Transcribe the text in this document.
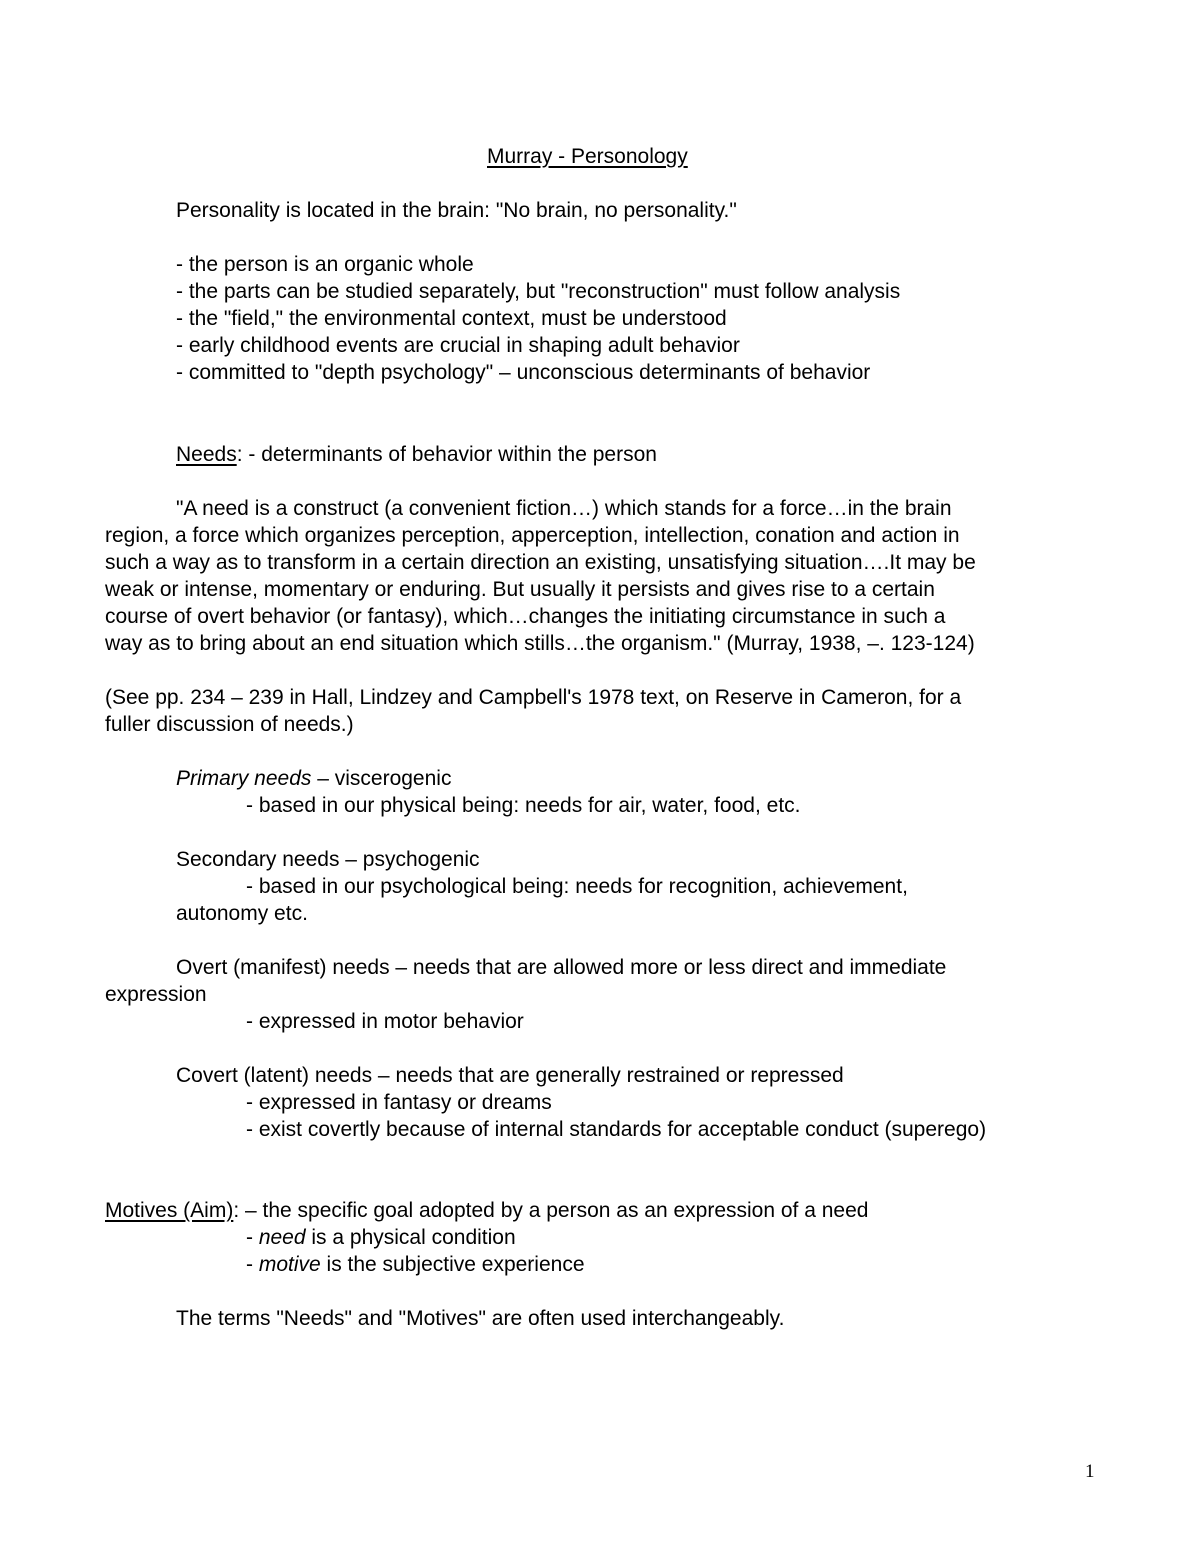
Murray - Personology
Personality is located in the brain: "No brain, no personality."
- the person is an organic whole
- the parts can be studied separately, but "reconstruction" must follow analysis
- the "field," the environmental context, must be understood
- early childhood events are crucial in shaping adult behavior
- committed to "depth psychology" – unconscious determinants of behavior
Needs: - determinants of behavior within the person
"A need is a construct (a convenient fiction…) which stands for a force…in the brain
region, a force which organizes perception, apperception, intellection, conation and action in
such a way as to transform in a certain direction an existing, unsatisfying situation….It may be
weak or intense, momentary or enduring. But usually it persists and gives rise to a certain
course of overt behavior (or fantasy), which…changes the initiating circumstance in such a
way as to bring about an end situation which stills…the organism." (Murray, 1938, –. 123-124)
(See pp. 234 – 239 in Hall, Lindzey and Campbell's 1978 text, on Reserve in Cameron, for a
fuller discussion of needs.)
Primary needs – viscerogenic
- based in our physical being: needs for air, water, food, etc.
Secondary needs – psychogenic
- based in our psychological being: needs for recognition, achievement,
autonomy etc.
Overt (manifest) needs – needs that are allowed more or less direct and immediate
expression
- expressed in motor behavior
Covert (latent) needs – needs that are generally restrained or repressed
- expressed in fantasy or dreams
- exist covertly because of internal standards for acceptable conduct (superego)
Motives (Aim): – the specific goal adopted by a person as an expression of a need
- need is a physical condition
- motive is the subjective experience
The terms "Needs" and "Motives" are often used interchangeably.
1
